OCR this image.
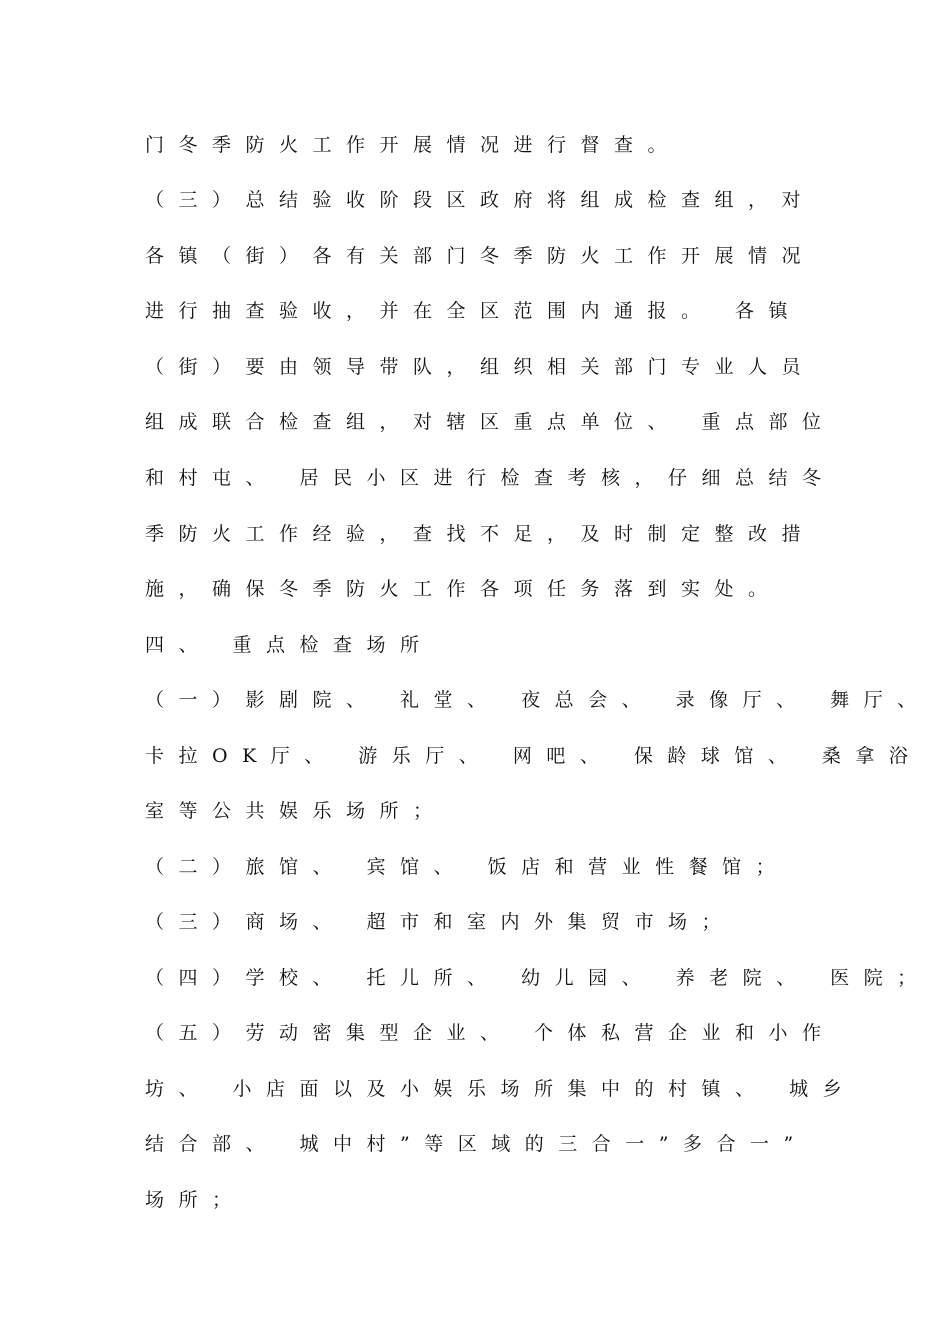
门冬季防火工作开展情况进行督查。
（三）总结验收阶段区政府将组成检查组，对
各镇（街）各有关部门冬季防火工作开展情况
进行抽查验收，并在全区范围内通报。 各镇
（街）要由领导带队，组织相关部门专业人员
组成联合检查组，对辖区重点单位、 重点部位
和村屯、 居民小区进行检查考核，仔细总结冬
季防火工作经验，查找不足，及时制定整改措
施，确保冬季防火工作各项任务落到实处。
四、 重点检查场所
（一）影剧院、 礼堂、 夜总会、 录像厅、 舞厅、
卡拉OK厅、 游乐厅、 网吧、 保龄球馆、 桑拿浴
室等公共娱乐场所；
（二）旅馆、 宾馆、 饭店和营业性餐馆；
（三）商场、 超市和室内外集贸市场；
（四）学校、 托儿所、 幼儿园、 养老院、 医院；
（五）劳动密集型企业、 个体私营企业和小作
坊、 小店面以及小娱乐场所集中的村镇、 城乡
结合部、 城中村”等区域的三合一”多合一”
场所；
